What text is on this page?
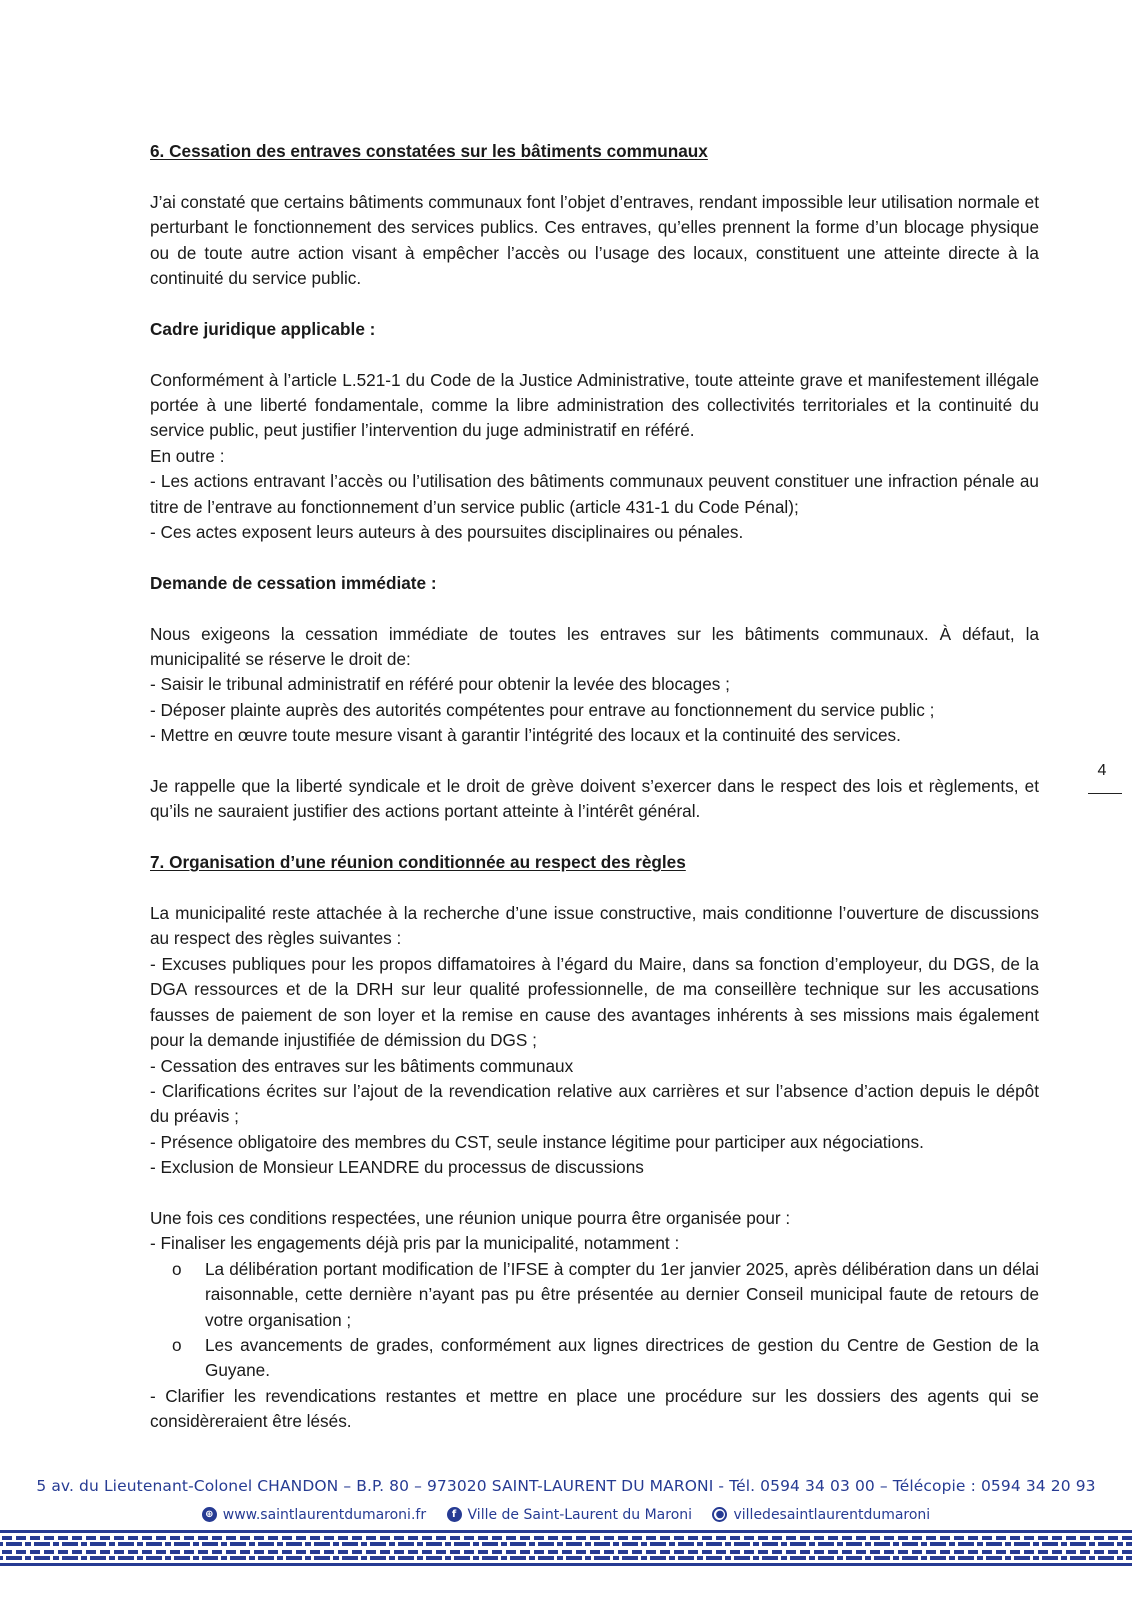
6. Cessation des entraves constatées sur les bâtiments communaux

J’ai constaté que certains bâtiments communaux font l’objet d’entraves, rendant impossible leur utilisation normale et perturbant le fonctionnement des services publics. Ces entraves, qu’elles prennent la forme d’un blocage physique ou de toute autre action visant à empêcher l’accès ou l’usage des locaux, constituent une atteinte directe à la continuité du service public.

Cadre juridique applicable :

Conformément à l’article L.521-1 du Code de la Justice Administrative, toute atteinte grave et manifestement illégale portée à une liberté fondamentale, comme la libre administration des collectivités territoriales et la continuité du service public, peut justifier l’intervention du juge administratif en référé.

En outre :

- Les actions entravant l’accès ou l’utilisation des bâtiments communaux peuvent constituer une infraction pénale au titre de l’entrave au fonctionnement d’un service public (article 431-1 du Code Pénal);

- Ces actes exposent leurs auteurs à des poursuites disciplinaires ou pénales.

Demande de cessation immédiate :

Nous exigeons la cessation immédiate de toutes les entraves sur les bâtiments communaux. À défaut, la municipalité se réserve le droit de:

- Saisir le tribunal administratif en référé pour obtenir la levée des blocages ;

- Déposer plainte auprès des autorités compétentes pour entrave au fonctionnement du service public ;

- Mettre en œuvre toute mesure visant à garantir l’intégrité des locaux et la continuité des services.

Je rappelle que la liberté syndicale et le droit de grève doivent s’exercer dans le respect des lois et règlements, et qu’ils ne sauraient justifier des actions portant atteinte à l’intérêt général.

7. Organisation d’une réunion conditionnée au respect des règles

La municipalité reste attachée à la recherche d’une issue constructive, mais conditionne l’ouverture de discussions au respect des règles suivantes :

- Excuses publiques pour les propos diffamatoires à l’égard du Maire, dans sa fonction d’employeur, du DGS, de la DGA ressources et de la DRH sur leur qualité professionnelle, de ma conseillère technique sur les accusations fausses de paiement de son loyer et la remise en cause des avantages inhérents à ses missions mais également pour la demande injustifiée de démission du DGS ;

- Cessation des entraves sur les bâtiments communaux

- Clarifications écrites sur l’ajout de la revendication relative aux carrières et sur l’absence d’action depuis le dépôt du préavis ;

- Présence obligatoire des membres du CST, seule instance légitime pour participer aux négociations.

- Exclusion de Monsieur LEANDRE du processus de discussions

Une fois ces conditions respectées, une réunion unique pourra être organisée pour :

- Finaliser les engagements déjà pris par la municipalité, notamment :

o	La délibération portant modification de l’IFSE à compter du 1er janvier 2025, après délibération dans un délai raisonnable, cette dernière n’ayant pas pu être présentée au dernier Conseil municipal faute de retours de votre organisation ;
o	Les avancements de grades, conformément aux lignes directrices de gestion du Centre de Gestion de la Guyane.

- Clarifier les revendications restantes et mettre en place une procédure sur les dossiers des agents qui se considèreraient être lésés.

4
5 av. du Lieutenant-Colonel CHANDON – B.P. 80 – 973020 SAINT-LAURENT DU MARONI - Tél. 0594 34 03 00 – Télécopie : 0594 34 20 93
⊕ www.saintlaurentdumaroni.fr
	f Ville de Saint-Laurent du Maroni
	● villedesaintlaurentdumaroni
